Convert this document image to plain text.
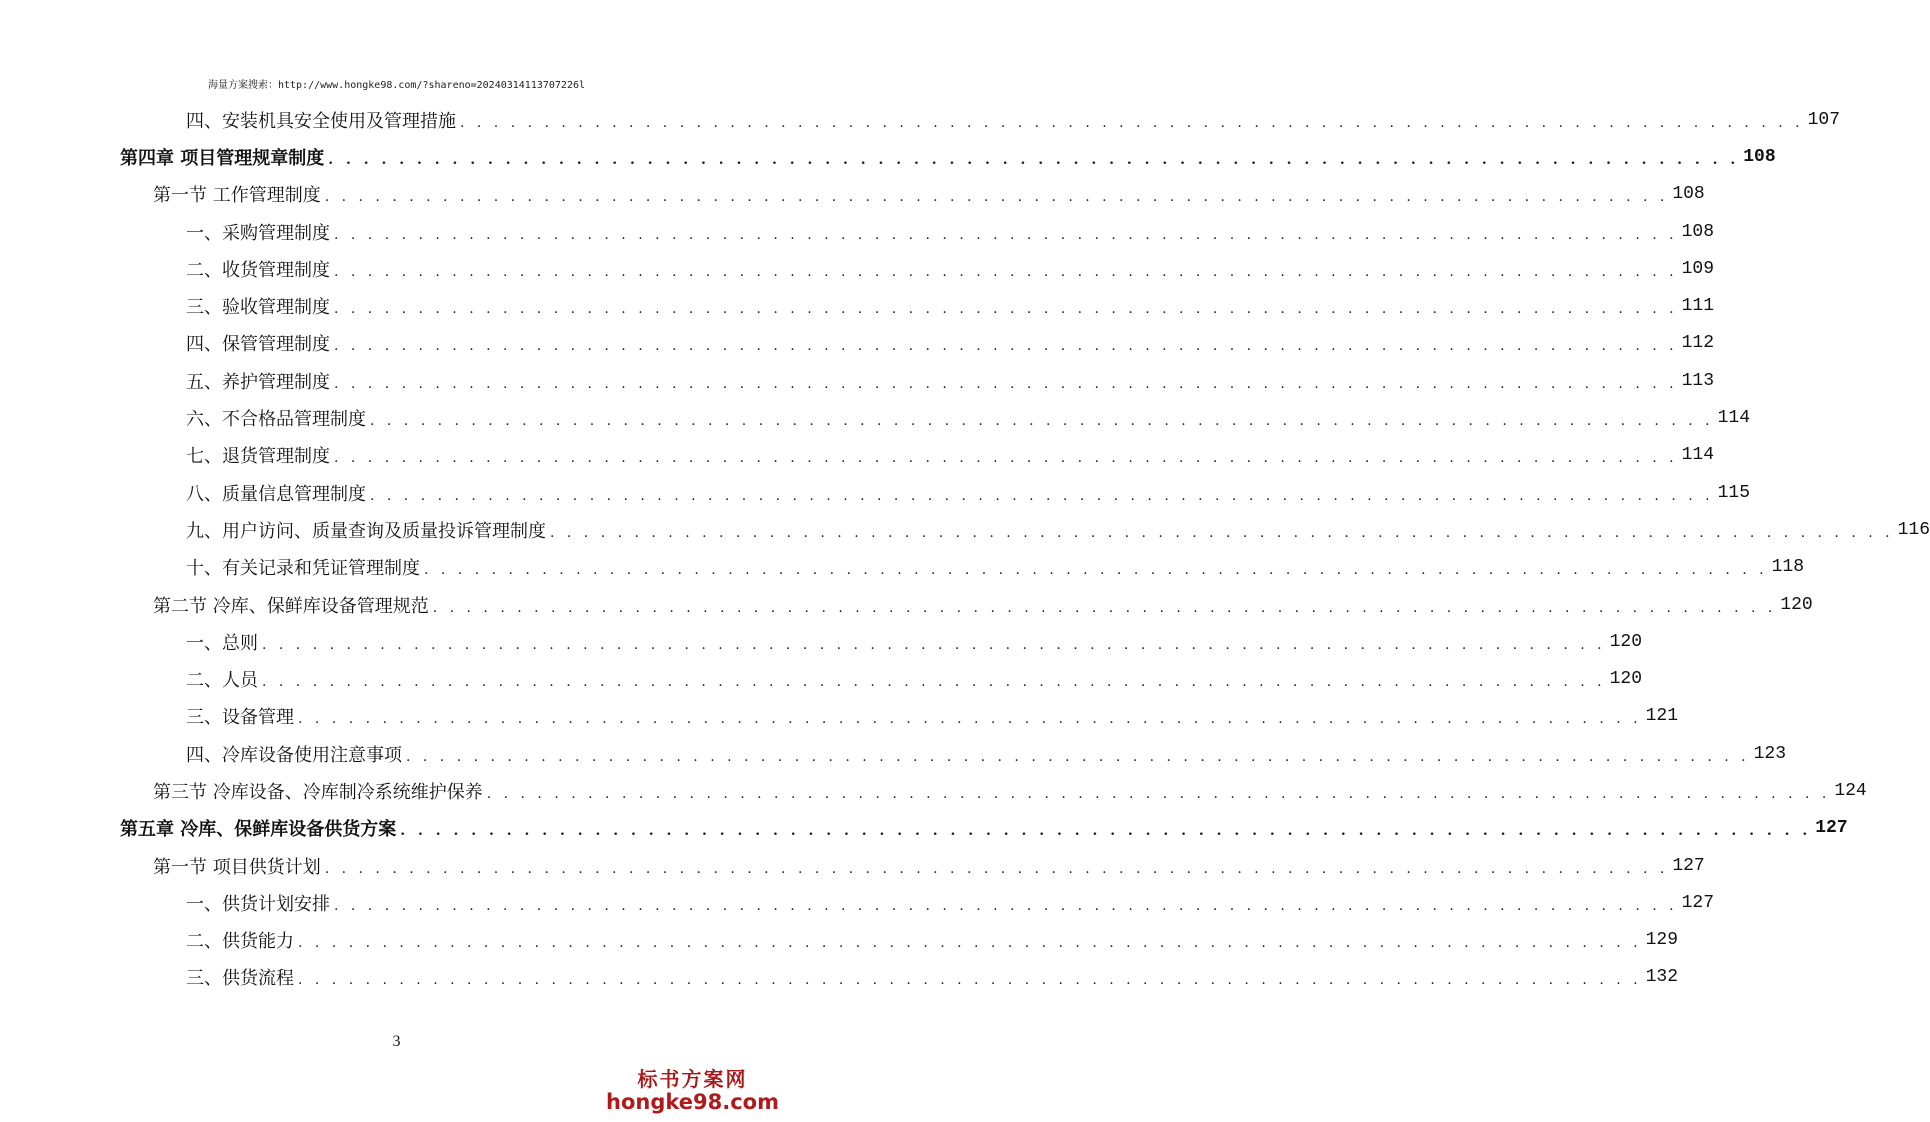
海量方案搜索：http://www.hongke98.com/?shareno=20240314113707226l
四、安装机具安全使用及管理措施 . . . . . . . . . . . . . . . . . . . . . . . . . . . . . . . . . . . . . . . . . . . . . . . . . . . . . . . . . . . . . . . . . . . . . . . . . . . . . . . . 107
第四章 项目管理规章制度 . . . . . . . . . . . . . . . . . . . . . . . . . . . . . . . . . . . . . . . . . . . . . . . . . . . . . . . . . . . . . . . . . . . . . . . . . . . . . . . . 108
第一节 工作管理制度 . . . . . . . . . . . . . . . . . . . . . . . . . . . . . . . . . . . . . . . . . . . . . . . . . . . . . . . . . . . . . . . . . . . . . . . . . . . . . . . . 108
一、采购管理制度 . . . . . . . . . . . . . . . . . . . . . . . . . . . . . . . . . . . . . . . . . . . . . . . . . . . . . . . . . . . . . . . . . . . . . . . . . . . . . . . . 108
二、收货管理制度 . . . . . . . . . . . . . . . . . . . . . . . . . . . . . . . . . . . . . . . . . . . . . . . . . . . . . . . . . . . . . . . . . . . . . . . . . . . . . . . . 109
三、验收管理制度 . . . . . . . . . . . . . . . . . . . . . . . . . . . . . . . . . . . . . . . . . . . . . . . . . . . . . . . . . . . . . . . . . . . . . . . . . . . . . . . . 111
四、保管管理制度 . . . . . . . . . . . . . . . . . . . . . . . . . . . . . . . . . . . . . . . . . . . . . . . . . . . . . . . . . . . . . . . . . . . . . . . . . . . . . . . . 112
五、养护管理制度 . . . . . . . . . . . . . . . . . . . . . . . . . . . . . . . . . . . . . . . . . . . . . . . . . . . . . . . . . . . . . . . . . . . . . . . . . . . . . . . . 113
六、不合格品管理制度 . . . . . . . . . . . . . . . . . . . . . . . . . . . . . . . . . . . . . . . . . . . . . . . . . . . . . . . . . . . . . . . . . . . . . . . . . . . . . . . . 114
七、退货管理制度 . . . . . . . . . . . . . . . . . . . . . . . . . . . . . . . . . . . . . . . . . . . . . . . . . . . . . . . . . . . . . . . . . . . . . . . . . . . . . . . . 114
八、质量信息管理制度 . . . . . . . . . . . . . . . . . . . . . . . . . . . . . . . . . . . . . . . . . . . . . . . . . . . . . . . . . . . . . . . . . . . . . . . . . . . . . . . . 115
九、用户访问、质量查询及质量投诉管理制度 . . . . . . . . . . . . . . . . . . . . . . . . . . . . . . . . . . . . . . . . . . . . . . . . . . . . . . . . . . . . . . . . . . . . . . . . . . . . . . . . 116
十、有关记录和凭证管理制度 . . . . . . . . . . . . . . . . . . . . . . . . . . . . . . . . . . . . . . . . . . . . . . . . . . . . . . . . . . . . . . . . . . . . . . . . . . . . . . . . 118
第二节 冷库、保鲜库设备管理规范 . . . . . . . . . . . . . . . . . . . . . . . . . . . . . . . . . . . . . . . . . . . . . . . . . . . . . . . . . . . . . . . . . . . . . . . . . . . . . . . . 120
一、总则 . . . . . . . . . . . . . . . . . . . . . . . . . . . . . . . . . . . . . . . . . . . . . . . . . . . . . . . . . . . . . . . . . . . . . . . . . . . . . . . . 120
二、人员 . . . . . . . . . . . . . . . . . . . . . . . . . . . . . . . . . . . . . . . . . . . . . . . . . . . . . . . . . . . . . . . . . . . . . . . . . . . . . . . . 120
三、设备管理 . . . . . . . . . . . . . . . . . . . . . . . . . . . . . . . . . . . . . . . . . . . . . . . . . . . . . . . . . . . . . . . . . . . . . . . . . . . . . . . . 121
四、冷库设备使用注意事项 . . . . . . . . . . . . . . . . . . . . . . . . . . . . . . . . . . . . . . . . . . . . . . . . . . . . . . . . . . . . . . . . . . . . . . . . . . . . . . . . 123
第三节 冷库设备、冷库制冷系统维护保养 . . . . . . . . . . . . . . . . . . . . . . . . . . . . . . . . . . . . . . . . . . . . . . . . . . . . . . . . . . . . . . . . . . . . . . . . . . . . . . . . 124
第五章 冷库、保鲜库设备供货方案 . . . . . . . . . . . . . . . . . . . . . . . . . . . . . . . . . . . . . . . . . . . . . . . . . . . . . . . . . . . . . . . . . . . . . . . . . . . . . . . . 127
第一节 项目供货计划 . . . . . . . . . . . . . . . . . . . . . . . . . . . . . . . . . . . . . . . . . . . . . . . . . . . . . . . . . . . . . . . . . . . . . . . . . . . . . . . . 127
一、供货计划安排 . . . . . . . . . . . . . . . . . . . . . . . . . . . . . . . . . . . . . . . . . . . . . . . . . . . . . . . . . . . . . . . . . . . . . . . . . . . . . . . . 127
二、供货能力 . . . . . . . . . . . . . . . . . . . . . . . . . . . . . . . . . . . . . . . . . . . . . . . . . . . . . . . . . . . . . . . . . . . . . . . . . . . . . . . . 129
三、供货流程 . . . . . . . . . . . . . . . . . . . . . . . . . . . . . . . . . . . . . . . . . . . . . . . . . . . . . . . . . . . . . . . . . . . . . . . . . . . . . . . . 132
3
标书方案网
hongke98.com
